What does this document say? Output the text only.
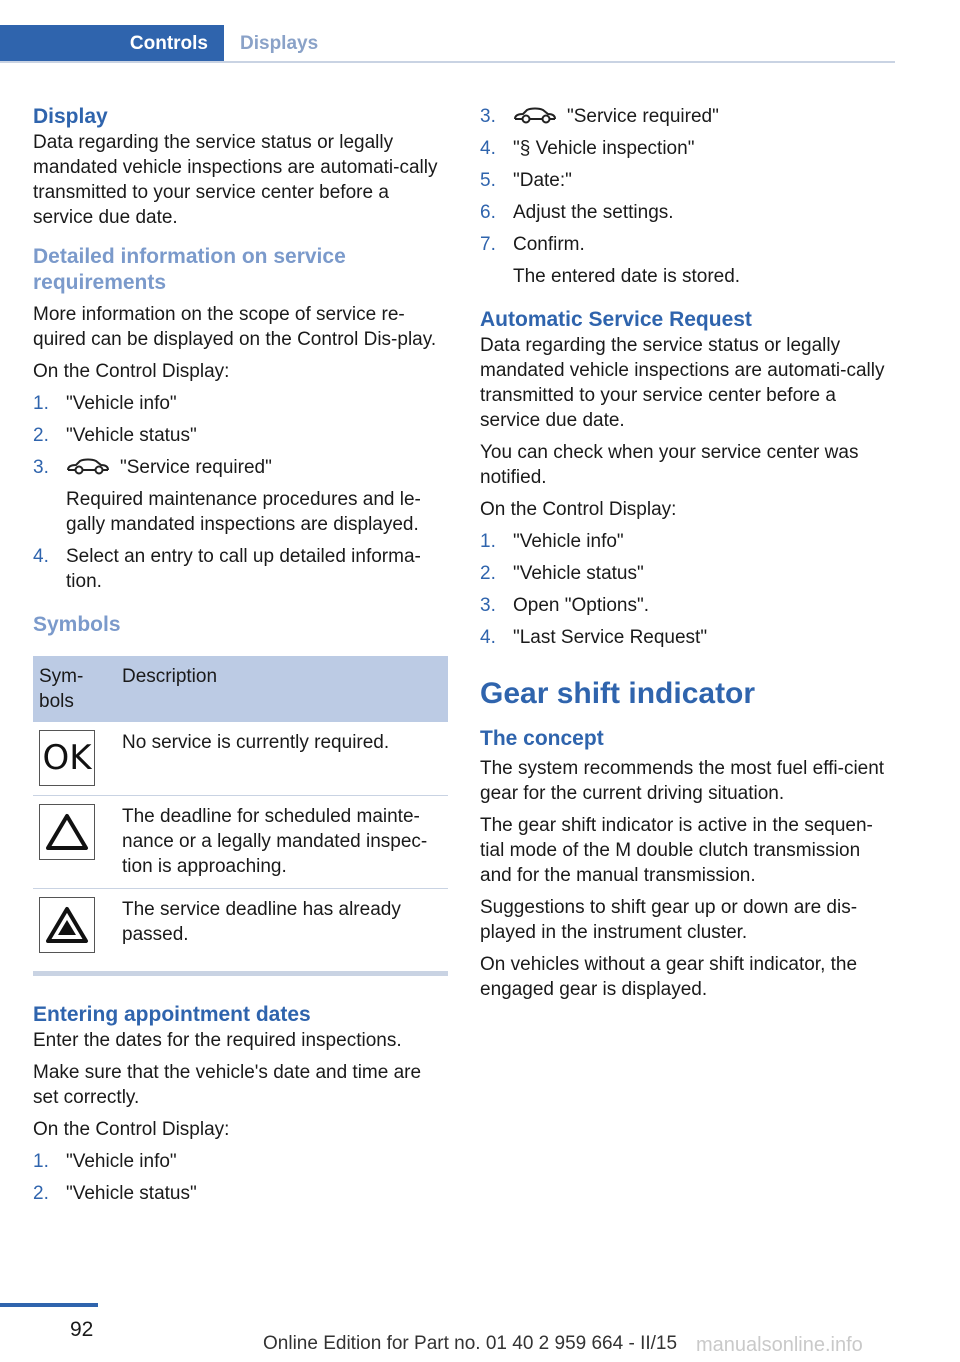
Controls	Displays
Display

Data regarding the service status or legally mandated vehicle inspections are automati-cally transmitted to your service center before a service due date.

Detailed information on service requirements

More information on the scope of service re-quired can be displayed on the Control Dis-play.

On the Control Display:

1. "Vehicle info"
2. "Vehicle status"
3.	"Service required"
Required maintenance procedures and le-gally mandated inspections are displayed.
4. Select an entry to call up detailed informa-tion.
Symbols
Sym-bols	Description

OK	No service is currently required.

	The deadline for scheduled mainte-nance or a legally mandated inspec-tion is approaching.

	The service deadline has already passed.
Entering appointment dates

Enter the dates for the required inspections.

Make sure that the vehicle's date and time are set correctly.

On the Control Display:

1. "Vehicle info"
2. "Vehicle status"
3.	"Service required"
4. "§ Vehicle inspection"
5. "Date:"
6. Adjust the settings.
7. Confirm.
The entered date is stored.
Automatic Service Request

Data regarding the service status or legally mandated vehicle inspections are automati-cally transmitted to your service center before a service due date.

You can check when your service center was notified.

On the Control Display:

1. "Vehicle info"
2. "Vehicle status"
3. Open "Options".
4. "Last Service Request"
Gear shift indicator
The concept

The system recommends the most fuel effi-cient gear for the current driving situation.

The gear shift indicator is active in the sequen-tial mode of the M double clutch transmission and for the manual transmission.

Suggestions to shift gear up or down are dis-played in the instrument cluster.

On vehicles without a gear shift indicator, the engaged gear is displayed.

92
Online Edition for Part no. 01 40 2 959 664 - II/15 manualsonline.info
